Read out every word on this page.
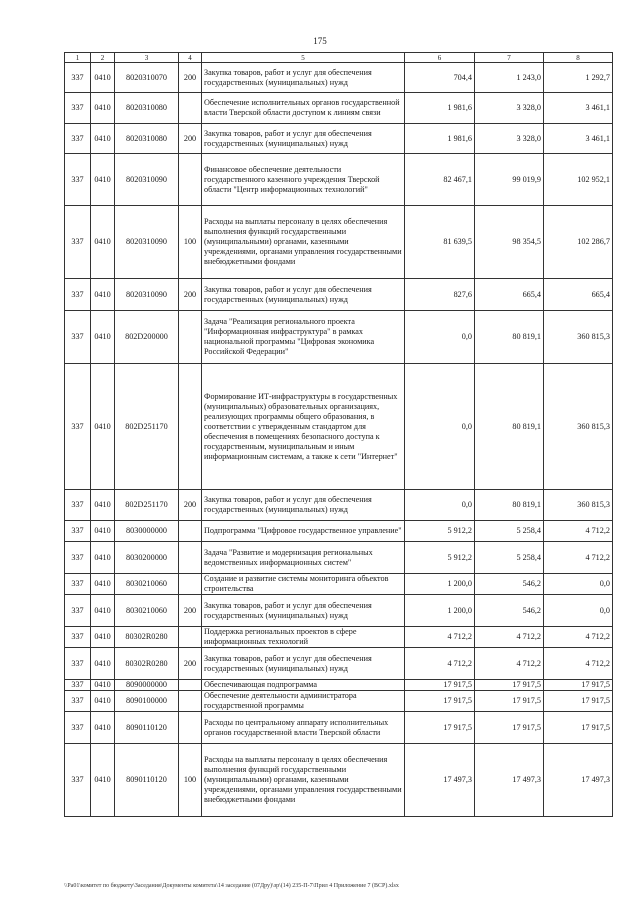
175
1	2	3	4	5	6	7	8
337	0410	8020310070	200	Закупка товаров, работ и услуг для обеспечения государственных (муниципальных) нужд	704,4	1 243,0	1 292,7
337	0410	8020310080		Обеспечение исполнительных органов государственной власти Тверской области доступом к линиям связи	1 981,6	3 328,0	3 461,1
337	0410	8020310080	200	Закупка товаров, работ и услуг для обеспечения государственных (муниципальных) нужд	1 981,6	3 328,0	3 461,1
337	0410	8020310090		Финансовое обеспечение деятельности государственного казенного учреждения Тверской области "Центр информационных технологий"	82 467,1	99 019,9	102 952,1
337	0410	8020310090	100	Расходы на выплаты персоналу в целях обеспечения выполнения функций государственными (муниципальными) органами, казенными учреждениями, органами управления государственными внебюджетными фондами	81 639,5	98 354,5	102 286,7
337	0410	8020310090	200	Закупка товаров, работ и услуг для обеспечения государственных (муниципальных) нужд	827,6	665,4	665,4
337	0410	802D200000		Задача "Реализация регионального проекта "Информационная инфраструктура" в рамках национальной программы "Цифровая экономика Российской Федерации"	0,0	80 819,1	360 815,3
337	0410	802D251170		Формирование ИТ-инфраструктуры в государственных (муниципальных) образовательных организациях, реализующих программы общего образования, в соответствии с утвержденным стандартом для обеспечения в помещениях безопасного доступа к государственным, муниципальным и иным информационным системам, а также к сети "Интернет"	0,0	80 819,1	360 815,3
337	0410	802D251170	200	Закупка товаров, работ и услуг для обеспечения государственных (муниципальных) нужд	0,0	80 819,1	360 815,3
337	0410	8030000000		Подпрограмма "Цифровое государственное управление"	5 912,2	5 258,4	4 712,2
337	0410	8030200000		Задача "Развитие и модернизация региональных ведомственных информационных систем"	5 912,2	5 258,4	4 712,2
337	0410	8030210060		Создание и развитие системы мониторинга объектов строительства	1 200,0	546,2	0,0
337	0410	8030210060	200	Закупка товаров, работ и услуг для обеспечения государственных (муниципальных) нужд	1 200,0	546,2	0,0
337	0410	80302R0280		Поддержка региональных проектов в сфере информационных технологий	4 712,2	4 712,2	4 712,2
337	0410	80302R0280	200	Закупка товаров, работ и услуг для обеспечения государственных (муниципальных) нужд	4 712,2	4 712,2	4 712,2
337	0410	8090000000		Обеспечивающая подпрограмма	17 917,5	17 917,5	17 917,5
337	0410	8090100000		Обеспечение деятельности администратора государственной программы	17 917,5	17 917,5	17 917,5
337	0410	8090110120		Расходы по центральному аппарату исполнительных органов государственной власти Тверской области	17 917,5	17 917,5	17 917,5
337	0410	8090110120	100	Расходы на выплаты персоналу в целях обеспечения выполнения функций государственными (муниципальными) органами, казенными учреждениями, органами управления государственными внебюджетными фондами	17 497,3	17 497,3	17 497,3
\\Pa01\комитет по бюджету\Заседания\Документы комитета\14 заседание (07Дру)\зр\(14) 235-П-7\Прил 4 Приложение 7 (ВСР).xlsx
